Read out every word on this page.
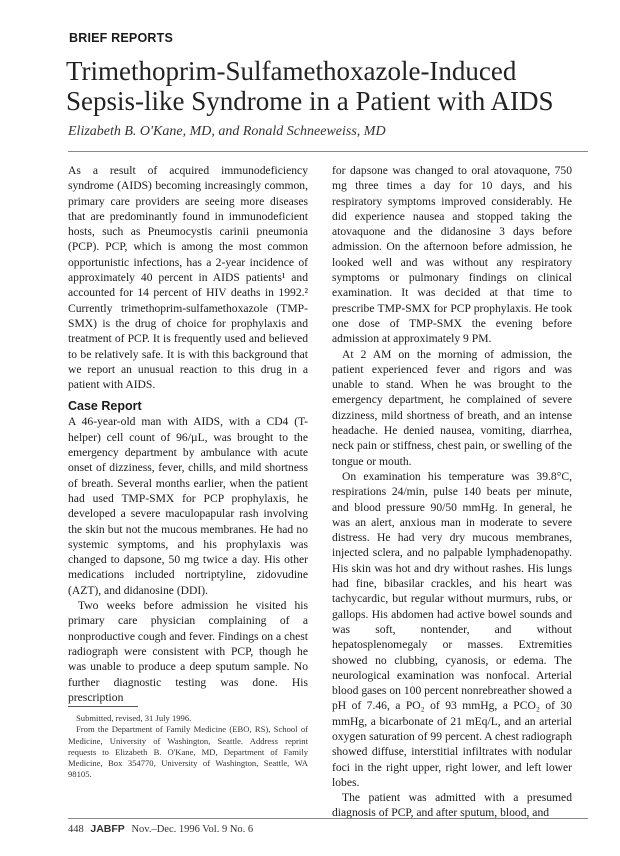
BRIEF REPORTS
Trimethoprim-Sulfamethoxazole-Induced Sepsis-like Syndrome in a Patient with AIDS
Elizabeth B. O'Kane, MD, and Ronald Schneeweiss, MD

As a result of acquired immunodeficiency syndrome (AIDS) becoming increasingly common, primary care providers are seeing more diseases that are predominantly found in immunodeficient hosts, such as Pneumocystis carinii pneumonia (PCP). PCP, which is among the most common opportunistic infections, has a 2-year incidence of approximately 40 percent in AIDS patients¹ and accounted for 14 percent of HIV deaths in 1992.² Currently trimethoprim-sulfamethoxazole (TMP-SMX) is the drug of choice for prophylaxis and treatment of PCP. It is frequently used and believed to be relatively safe. It is with this background that we report an unusual reaction to this drug in a patient with AIDS.

Case Report

A 46-year-old man with AIDS, with a CD4 (T-helper) cell count of 96/µL, was brought to the emergency department by ambulance with acute onset of dizziness, fever, chills, and mild shortness of breath. Several months earlier, when the patient had used TMP-SMX for PCP prophylaxis, he developed a severe maculopapular rash involving the skin but not the mucous membranes. He had no systemic symptoms, and his prophylaxis was changed to dapsone, 50 mg twice a day. His other medications included nortriptyline, zidovudine (AZT), and didanosine (DDI).

Two weeks before admission he visited his primary care physician complaining of a nonproductive cough and fever. Findings on a chest radiograph were consistent with PCP, though he was unable to produce a deep sputum sample. No further diagnostic testing was done. His prescription

Submitted, revised, 31 July 1996.

From the Department of Family Medicine (EBO, RS), School of Medicine, University of Washington, Seattle. Address reprint requests to Elizabeth B. O'Kane, MD, Department of Family Medicine, Box 354770, University of Washington, Seattle, WA 98105.

for dapsone was changed to oral atovaquone, 750 mg three times a day for 10 days, and his respiratory symptoms improved considerably. He did experience nausea and stopped taking the atovaquone and the didanosine 3 days before admission. On the afternoon before admission, he looked well and was without any respiratory symptoms or pulmonary findings on clinical examination. It was decided at that time to prescribe TMP-SMX for PCP prophylaxis. He took one dose of TMP-SMX the evening before admission at approximately 9 PM.

At 2 AM on the morning of admission, the patient experienced fever and rigors and was unable to stand. When he was brought to the emergency department, he complained of severe dizziness, mild shortness of breath, and an intense headache. He denied nausea, vomiting, diarrhea, neck pain or stiffness, chest pain, or swelling of the tongue or mouth.

On examination his temperature was 39.8°C, respirations 24/min, pulse 140 beats per minute, and blood pressure 90/50 mmHg. In general, he was an alert, anxious man in moderate to severe distress. He had very dry mucous membranes, injected sclera, and no palpable lymphadenopathy. His skin was hot and dry without rashes. His lungs had fine, bibasilar crackles, and his heart was tachycardic, but regular without murmurs, rubs, or gallops. His abdomen had active bowel sounds and was soft, nontender, and without hepatosplenomegaly or masses. Extremities showed no clubbing, cyanosis, or edema. The neurological examination was nonfocal. Arterial blood gases on 100 percent nonrebreather showed a pH of 7.46, a PO₂ of 93 mmHg, a PCO₂ of 30 mmHg, a bicarbonate of 21 mEq/L, and an arterial oxygen saturation of 99 percent. A chest radiograph showed diffuse, interstitial infiltrates with nodular foci in the right upper, right lower, and left lower lobes.

The patient was admitted with a presumed diagnosis of PCP, and after sputum, blood, and

448 JABFP Nov.–Dec. 1996 Vol. 9 No. 6
